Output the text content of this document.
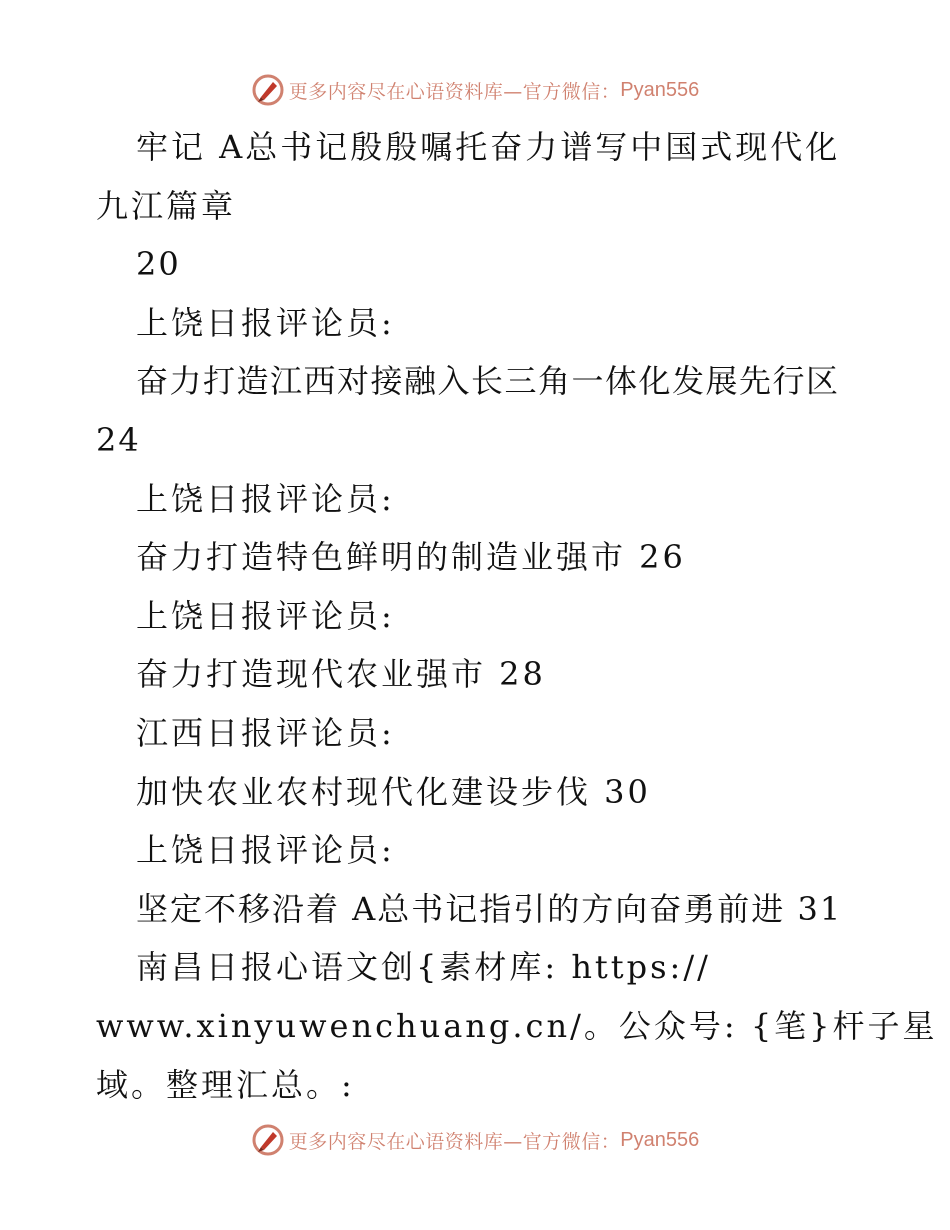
更多内容尽在心语资料库—官方微信： Pyan556
牢记 A总书记殷殷嘱托奋力谱写中国式现代化
九江篇章
20
上饶日报评论员:
奋力打造江西对接融入长三角一体化发展先行区
24
上饶日报评论员:
奋力打造特色鲜明的制造业强市 26
上饶日报评论员:
奋力打造现代农业强市 28
江西日报评论员:
加快农业农村现代化建设步伐 30
上饶日报评论员:
坚定不移沿着 A总书记指引的方向奋勇前进 31
南昌日报心语文创{素材库: https://
www.xinyuwenchuang.cn/。公众号: {笔}杆子星
域。整理汇总。:
更多内容尽在心语资料库—官方微信： Pyan556
